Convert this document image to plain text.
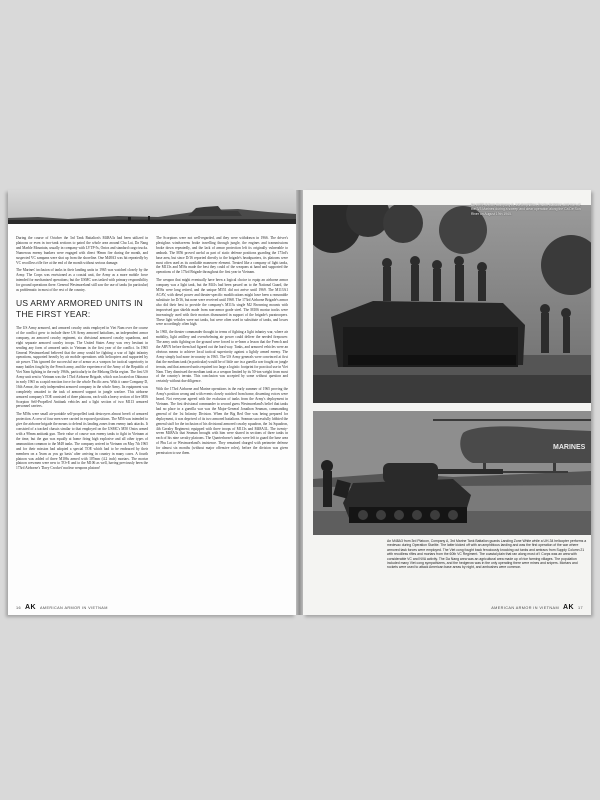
During the course of October the 3rd Tank Battalion's M48A3s had been utilized in platoons or even in two-tank sections to patrol the whole area around Chu Lai, Da Nang and Marble Mountain, usually in company with LVTP-5s, Ontos and standard cargo trucks. Numerous enemy bunkers were engaged with direct 90mm fire during the month, and suspected VC sampans were shot up from the shoreline. One M48A3 was hit repeatedly by VC recoilless rifle fire at the end of the month without serious damage.

The Marines' inclusion of tanks in their landing units in 1965 was watched closely by the Army. The Corps was envisioned as a coastal unit, the Army as a more mobile force intended for mechanized operations; but the USMC was tasked with primary responsibility for ground operations there. General Westmoreland still saw the use of tanks (in particular) as problematic in most of the rest of the country.

US ARMY ARMORED UNITS IN THE FIRST YEAR:

The US Army armored, and armored cavalry units employed in Viet Nam over the course of the conflict grew to include three US Army armored battalions, an independent armor company, an armored cavalry regiment, six divisional armored cavalry squadrons, and eight separate armored cavalry troops. The United States Army was very hesitant in sending any form of armored units to Vietnam in the first year of the conflict. In 1965 General Westmoreland believed that the army would be fighting a war of light infantry operations, supported heavily by air mobile operations with helicopters and supported by air power. This ignored the successful use of armor as a weapon for tactical superiority in many battles fought by the French army, and the experience of the Army of the Republic of Viet Nam fighting in the early 1960s, particularly in the Mekong Delta region. The first US Army unit sent to Vietnam was the 173rd Airborne Brigade, which was located on Okinawa in early 1965 as a rapid reaction force for the whole Pacific area. With it came Company D, 16th Armor, the only independent armored company in the whole Army. Its equipment was completely unsuited to the task of armored support in jungle warfare. This airborne armored company's TOE consisted of three platoons, each with a heavy section of five M56 Scorpion Self-Propelled Antitank vehicles and a light section of two M113 armored personnel carriers.

The M56s were small air-portable self-propelled tank destroyers almost bereft of armored protection. A crew of four men were carried in exposed positions. The M56 was intended to give the airborne brigade the means to defend its landing zones from enemy tank attacks. It consisted of a tracked chassis similar to that employed on the USMC's M50 Ontos armed with a 90mm antitank gun. Their value of course was enemy tanks to fight in Vietnam at the time, but the gun was equally at home firing high explosive and all other types of ammunition common to the M48 tanks. The company arrived in Vietnam on May 7th 1965 and for their mission had adopted a special TOE which had to be embraced by their members on a 'learn as you go basis' after arriving in country in many cases. A fourth platoon was added of three M106s armed with 107mm (4.2 inch) mortars. The mortar platoon crewmen were new to TO+E and to the M106 as well, having previously been the 173rd Airborne's 'Davy Crocket' nuclear weapons platoon!

The Scorpions were not well-regarded, and they were withdrawn in 1966. The driver's plexiglass windscreens broke travelling through jungle, the engines and transmissions broke down repeatedly, and the lack of armor protection left its originally vulnerable to ambush. The M56 proved useful as part of static defense positions guarding the 173rd's base area, but since D/16 reported directly to the brigade's headquarters, its platoons were most often used as its available maneuver element. Treated like a company of light tanks, the M113s and M56s made the best they could of the weapons at hand and supported the operations of the 173rd Brigade throughout the first year in Vietnam.

The weapon that might eventually have been a logical choice to equip an airborne armor company was a light tank, but the M41s had been passed on to the National Guard, the M56s were long retired, and the unique M551 did not arrive until 1969. The M113A1 ACAV, with diesel power and theater-specific modifications might have been a reasonable substitute for D/16, but none were received until 1968. The 173rd Airborne Brigade's armor also did their best to provide the company's M113s single M2 Browning mounts with improvised gun shields made from non-armor grade steel. The M106 mortar tracks were increasingly used with their mortars dismounted in support of the brigade's paratroopers. These light vehicles were not tanks, but were often used in substitute of tanks, and losses were accordingly often high.

In 1965, the theater commander thought in terms of fighting a light infantry war, where air mobility, light artillery and overwhelming air power could deliver the needed firepower. The army units fighting on the ground were forced to re-learn a lesson that the French and the ARVN before them had figured out the hard way. Tanks, and armored vehicles were an obvious means to achieve local tactical superiority against a lightly armed enemy. The Army simply had none in-country in 1965. The US Army generals were convinced at first that the medium tank (in particular) would be of little use in a guerilla war fought on jungle terrain, and that armored units required too large a logistic footprint for practical use in Viet Nam. They dismissed the medium tank as a weapon limited by its 50-ton weight from most of the country's terrain. This conclusion was accepted by some without question and certainly without due diligence.

With the 173rd Airborne and Marine operations in the early summer of 1965 proving the Army's position wrong and with events closely watched from home, dissenting voices were heard. Not everyone agreed with the exclusion of tanks from the Army's deployment in Vietnam. The first divisional commander to second guess Westmoreland's belief that tanks had no place in a guerilla war was the Major-General Jonathon Seaman, commanding general of the 1st Infantry Division. When the Big Red One was being prepared for deployment, it was deprived of its two armored battalions. Seaman successfully lobbied the general staff for the inclusion of his divisional armored cavalry squadron, the 1st Squadron, 4th Cavalry Regiment; equipped with three troops of M113s and M48A3L. The twenty-seven M48A3s that Seaman brought with him were shared in sections of three tanks in each of his nine cavalry platoons. The Quarterhorse's tanks were left to guard the base area of Phu Loi or Westmoreland's insistence. They remained charged with perimeter defense for almost six months (without major offensive roles), before the division was given permission to use them.

16 AK AMERICAN ARMOR IN VIETNAM
An LVTP-5 from Company A, 1st Amphibian Tractor Battalion and men of the 3/3 Marines during a sweep and clear operation along the Ca De Son River on August 19th 1965.
MARINES
An M48A3 from 3rd Platoon, Company A, 3rd Marine Tank Battalion guards Landing Zone White while a UH-34 helicopter performs a medevac during Operation Starlite. The latter kicked off with an amphibious landing and was the first operation of the war where armored task forces were employed. The Viet cong fought back ferociously knocking out tanks and amtracs from Supply Column 21 with recoilless rifles and mortars from the 60th VC Regiment. The coastal plain that ran along most of I Corps was an area with considerable VC and NVA activity. The Da Nang area was an agricultural area made up of rice farming villages. The population included many Viet cong sympathizers, and the hedgerow was in the only operating there were mines and snipers. Mortars and rockets were used to attack American base areas by night, and ambushes were common.
AMERICAN ARMOR IN VIETNAM AK 17
